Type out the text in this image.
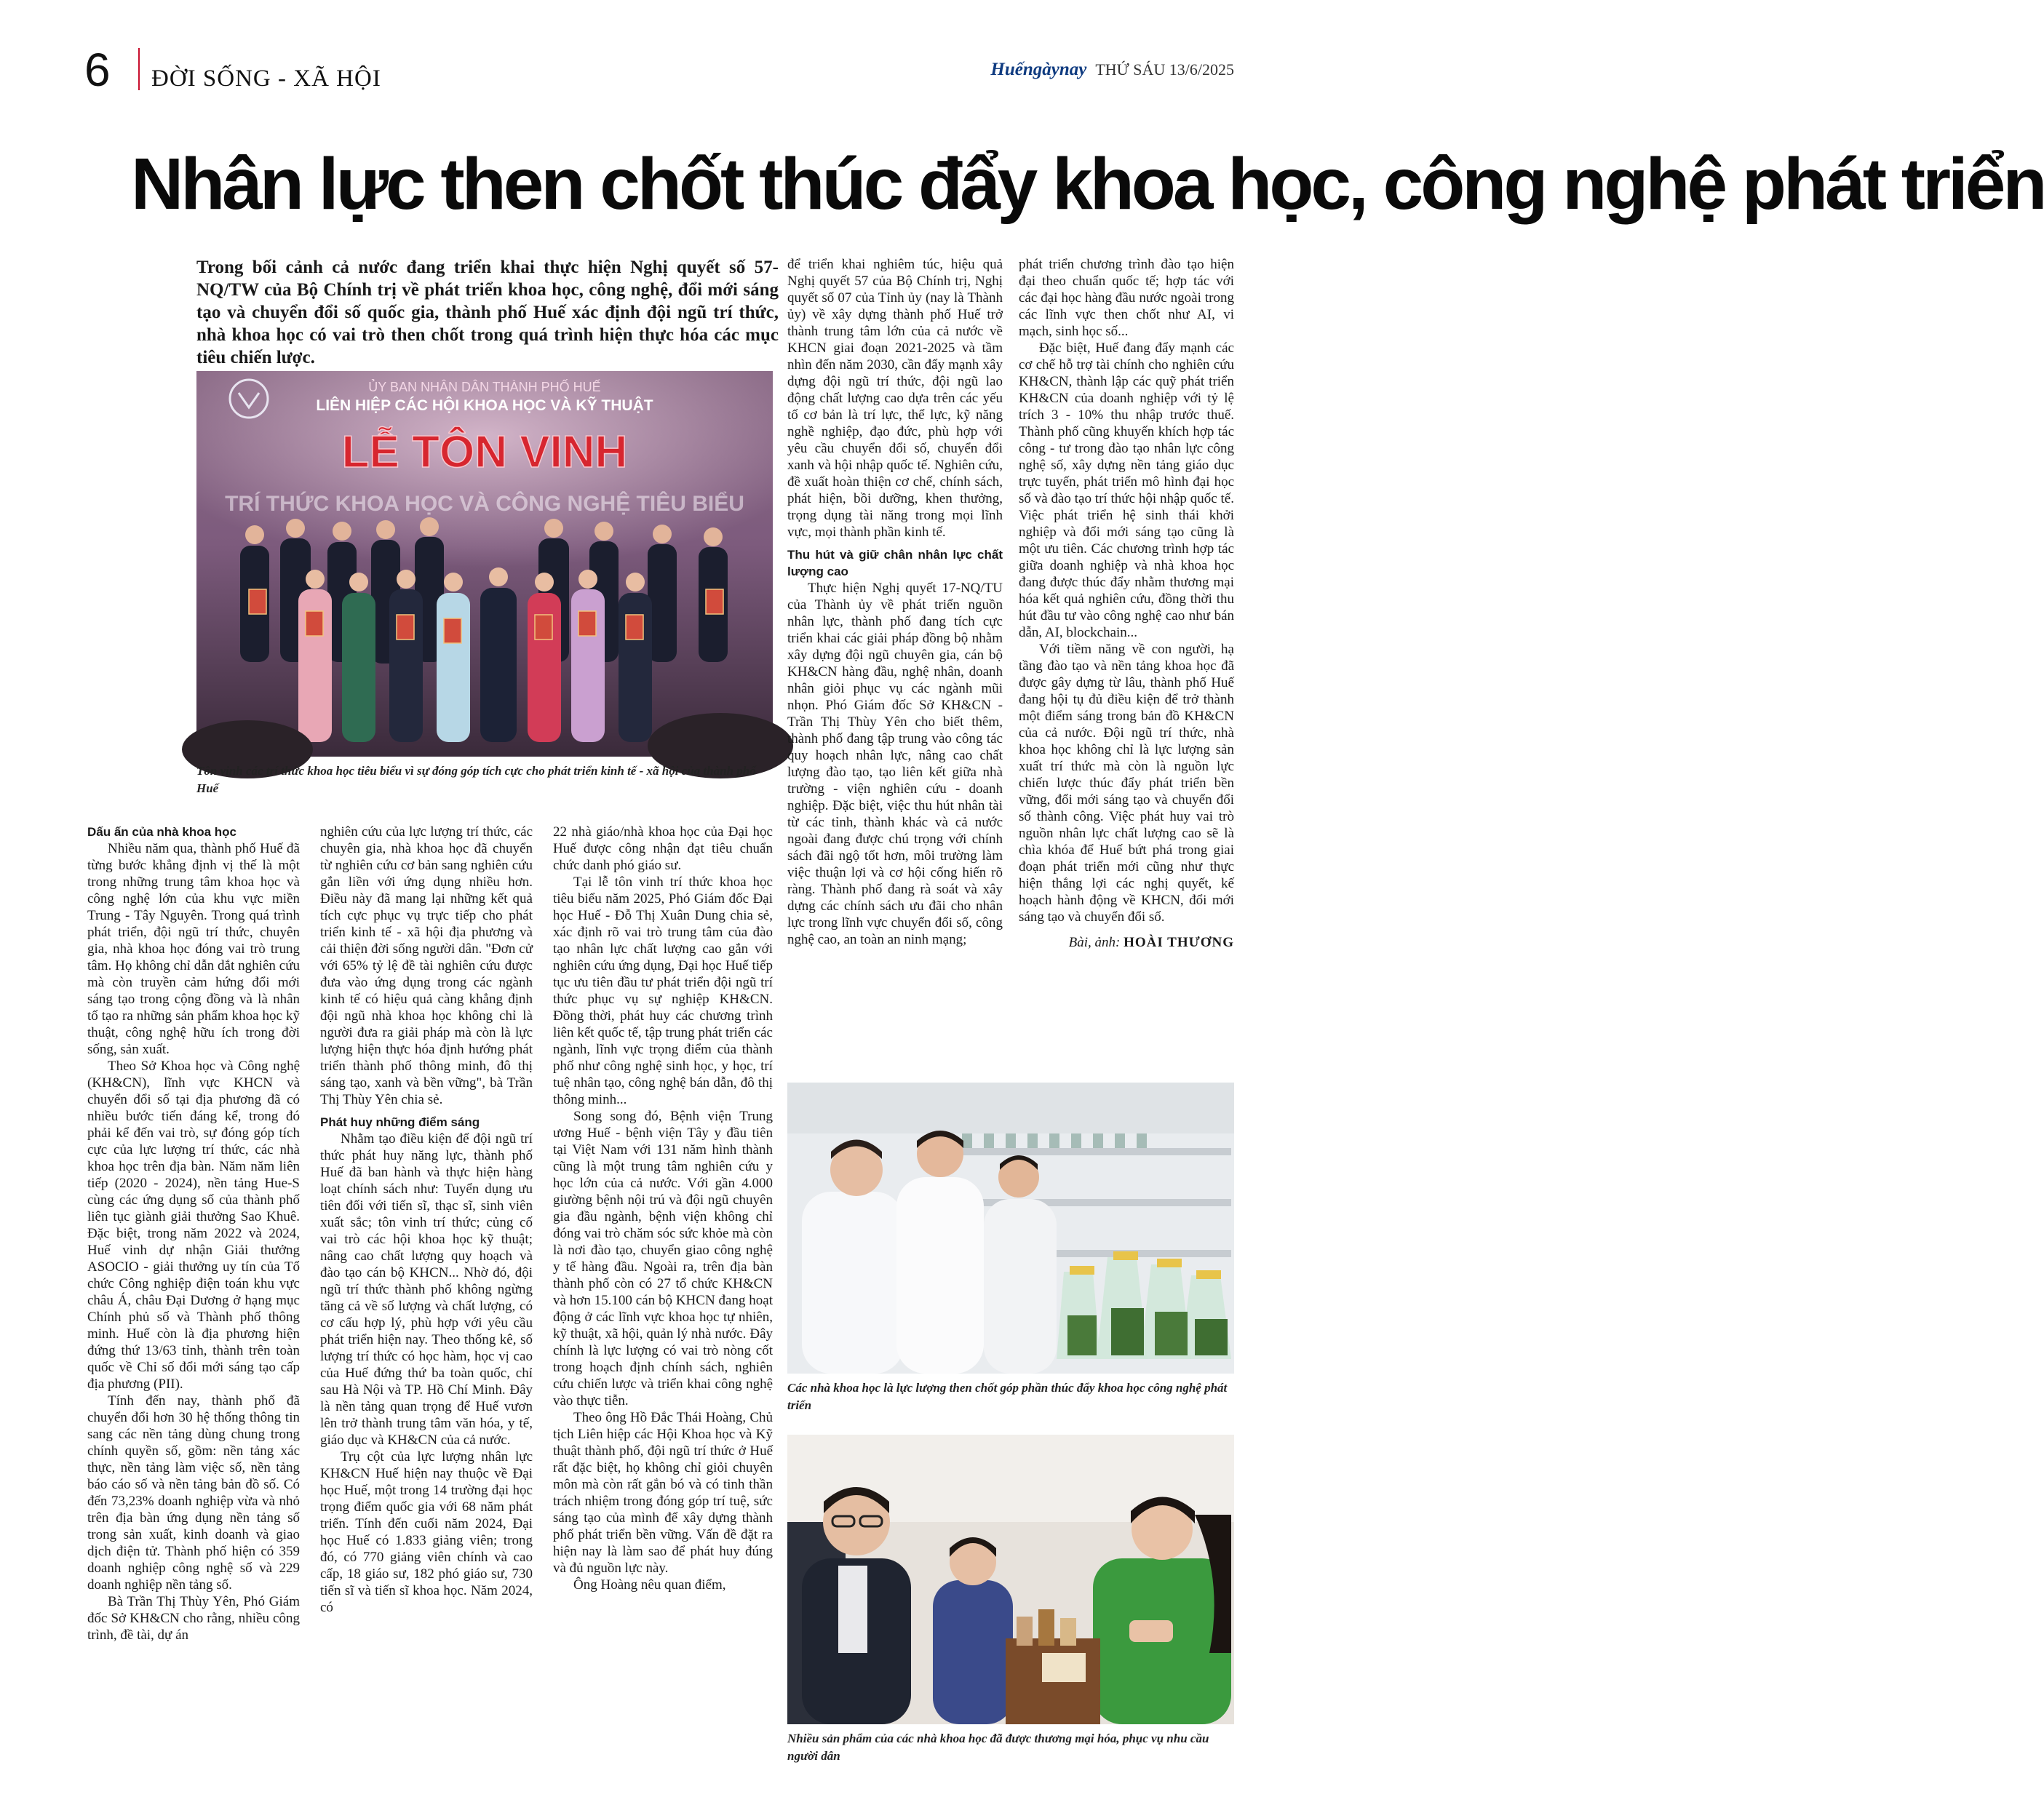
6 ĐỜI SỐNG - XÃ HỘI	Huếngàynay THỨ SÁU 13/6/2025
Nhân lực then chốt thúc đẩy khoa học, công nghệ phát triển
Trong bối cảnh cả nước đang triển khai thực hiện Nghị quyết số 57-NQ/TW của Bộ Chính trị về phát triển khoa học, công nghệ, đổi mới sáng tạo và chuyển đổi số quốc gia, thành phố Huế xác định đội ngũ trí thức, nhà khoa học có vai trò then chốt trong quá trình hiện thực hóa các mục tiêu chiến lược.
ỦY BAN NHÂN DÂN THÀNH PHỐ HUẾ
LIÊN HIỆP CÁC HỘI KHOA HỌC VÀ KỸ THUẬT
LỄ TÔN VINH
TRÍ THỨC KHOA HỌC VÀ CÔNG NGHỆ TIÊU BIỂU
Tôn vinh các trí thức khoa học tiêu biểu vì sự đóng góp tích cực cho phát triển kinh tế - xã hội của thành phố Huế
Dấu ấn của nhà khoa học

Nhiều năm qua, thành phố Huế đã từng bước khẳng định vị thế là một trong những trung tâm khoa học và công nghệ lớn của khu vực miền Trung - Tây Nguyên. Trong quá trình phát triển, đội ngũ trí thức, chuyên gia, nhà khoa học đóng vai trò trung tâm. Họ không chỉ dẫn dắt nghiên cứu mà còn truyền cảm hứng đổi mới sáng tạo trong cộng đồng và là nhân tố tạo ra những sản phẩm khoa học kỹ thuật, công nghệ hữu ích trong đời sống, sản xuất.

Theo Sở Khoa học và Công nghệ (KH&CN), lĩnh vực KHCN và chuyển đổi số tại địa phương đã có nhiều bước tiến đáng kể, trong đó phải kể đến vai trò, sự đóng góp tích cực của lực lượng trí thức, các nhà khoa học trên địa bàn. Năm năm liên tiếp (2020 - 2024), nền tảng Hue-S cùng các ứng dụng số của thành phố liên tục giành giải thưởng Sao Khuê. Đặc biệt, trong năm 2022 và 2024, Huế vinh dự nhận Giải thưởng ASOCIO - giải thưởng uy tín của Tổ chức Công nghiệp điện toán khu vực châu Á, châu Đại Dương ở hạng mục Chính phủ số và Thành phố thông minh. Huế còn là địa phương hiện đứng thứ 13/63 tỉnh, thành trên toàn quốc về Chỉ số đổi mới sáng tạo cấp địa phương (PII).

Tính đến nay, thành phố đã chuyển đổi hơn 30 hệ thống thông tin sang các nền tảng dùng chung trong chính quyền số, gồm: nền tảng xác thực, nền tảng làm việc số, nền tảng báo cáo số và nền tảng bản đồ số. Có đến 73,23% doanh nghiệp vừa và nhỏ trên địa bàn ứng dụng nền tảng số trong sản xuất, kinh doanh và giao dịch điện tử. Thành phố hiện có 359 doanh nghiệp công nghệ số và 229 doanh nghiệp nền tảng số.

Bà Trần Thị Thùy Yên, Phó Giám đốc Sở KH&CN cho rằng, nhiều công trình, đề tài, dự án

nghiên cứu của lực lượng trí thức, các chuyên gia, nhà khoa học đã chuyển từ nghiên cứu cơ bản sang nghiên cứu gắn liền với ứng dụng nhiều hơn. Điều này đã mang lại những kết quả tích cực phục vụ trực tiếp cho phát triển kinh tế - xã hội địa phương và cải thiện đời sống người dân. "Đơn cử với 65% tỷ lệ đề tài nghiên cứu được đưa vào ứng dụng trong các ngành kinh tế có hiệu quả càng khẳng định đội ngũ nhà khoa học không chỉ là người đưa ra giải pháp mà còn là lực lượng hiện thực hóa định hướng phát triển thành phố thông minh, đô thị sáng tạo, xanh và bền vững", bà Trần Thị Thùy Yên chia sẻ.

Phát huy những điểm sáng

Nhằm tạo điều kiện để đội ngũ trí thức phát huy năng lực, thành phố Huế đã ban hành và thực hiện hàng loạt chính sách như: Tuyển dụng ưu tiên đối với tiến sĩ, thạc sĩ, sinh viên xuất sắc; tôn vinh trí thức; củng cố vai trò các hội khoa học kỹ thuật; nâng cao chất lượng quy hoạch và đào tạo cán bộ KHCN... Nhờ đó, đội ngũ trí thức thành phố không ngừng tăng cả về số lượng và chất lượng, có cơ cấu hợp lý, phù hợp với yêu cầu phát triển hiện nay. Theo thống kê, số lượng trí thức có học hàm, học vị cao của Huế đứng thứ ba toàn quốc, chỉ sau Hà Nội và TP. Hồ Chí Minh. Đây là nền tảng quan trọng để Huế vươn lên trở thành trung tâm văn hóa, y tế, giáo dục và KH&CN của cả nước.

Trụ cột của lực lượng nhân lực KH&CN Huế hiện nay thuộc về Đại học Huế, một trong 14 trường đại học trọng điểm quốc gia với 68 năm phát triển. Tính đến cuối năm 2024, Đại học Huế có 1.833 giảng viên; trong đó, có 770 giảng viên chính và cao cấp, 18 giáo sư, 182 phó giáo sư, 730 tiến sĩ và tiến sĩ khoa học. Năm 2024, có

22 nhà giáo/nhà khoa học của Đại học Huế được công nhận đạt tiêu chuẩn chức danh phó giáo sư.

Tại lễ tôn vinh trí thức khoa học tiêu biểu năm 2025, Phó Giám đốc Đại học Huế - Đỗ Thị Xuân Dung chia sẻ, xác định rõ vai trò trung tâm của đào tạo nhân lực chất lượng cao gắn với nghiên cứu ứng dụng, Đại học Huế tiếp tục ưu tiên đầu tư phát triển đội ngũ trí thức phục vụ sự nghiệp KH&CN. Đồng thời, phát huy các chương trình liên kết quốc tế, tập trung phát triển các ngành, lĩnh vực trọng điểm của thành phố như công nghệ sinh học, y học, trí tuệ nhân tạo, công nghệ bán dẫn, đô thị thông minh...

Song song đó, Bệnh viện Trung ương Huế - bệnh viện Tây y đầu tiên tại Việt Nam với 131 năm hình thành cũng là một trung tâm nghiên cứu y học lớn của cả nước. Với gần 4.000 giường bệnh nội trú và đội ngũ chuyên gia đầu ngành, bệnh viện không chỉ đóng vai trò chăm sóc sức khỏe mà còn là nơi đào tạo, chuyển giao công nghệ y tế hàng đầu. Ngoài ra, trên địa bàn thành phố còn có 27 tổ chức KH&CN và hơn 15.100 cán bộ KHCN đang hoạt động ở các lĩnh vực khoa học tự nhiên, kỹ thuật, xã hội, quản lý nhà nước. Đây chính là lực lượng có vai trò nòng cốt trong hoạch định chính sách, nghiên cứu chiến lược và triển khai công nghệ vào thực tiễn.

Theo ông Hồ Đắc Thái Hoàng, Chủ tịch Liên hiệp các Hội Khoa học và Kỹ thuật thành phố, đội ngũ trí thức ở Huế rất đặc biệt, họ không chỉ giỏi chuyên môn mà còn rất gắn bó và có tinh thần trách nhiệm trong đóng góp trí tuệ, sức sáng tạo của mình để xây dựng thành phố phát triển bền vững. Vấn đề đặt ra hiện nay là làm sao để phát huy đúng và đủ nguồn lực này.

Ông Hoàng nêu quan điểm,

để triển khai nghiêm túc, hiệu quả Nghị quyết 57 của Bộ Chính trị, Nghị quyết số 07 của Tỉnh ủy (nay là Thành ủy) về xây dựng thành phố Huế trở thành trung tâm lớn của cả nước về KHCN giai đoạn 2021-2025 và tầm nhìn đến năm 2030, cần đẩy mạnh xây dựng đội ngũ trí thức, đội ngũ lao động chất lượng cao dựa trên các yếu tố cơ bản là trí lực, thể lực, kỹ năng nghề nghiệp, đạo đức, phù hợp với yêu cầu chuyển đổi số, chuyển đổi xanh và hội nhập quốc tế. Nghiên cứu, đề xuất hoàn thiện cơ chế, chính sách, phát hiện, bồi dưỡng, khen thưởng, trọng dụng tài năng trong mọi lĩnh vực, mọi thành phần kinh tế.

Thu hút và giữ chân nhân lực chất lượng cao

Thực hiện Nghị quyết 17-NQ/TU của Thành ủy về phát triển nguồn nhân lực, thành phố đang tích cực triển khai các giải pháp đồng bộ nhằm xây dựng đội ngũ chuyên gia, cán bộ KH&CN hàng đầu, nghệ nhân, doanh nhân giỏi phục vụ các ngành mũi nhọn. Phó Giám đốc Sở KH&CN - Trần Thị Thùy Yên cho biết thêm, thành phố đang tập trung vào công tác quy hoạch nhân lực, nâng cao chất lượng đào tạo, tạo liên kết giữa nhà trường - viện nghiên cứu - doanh nghiệp. Đặc biệt, việc thu hút nhân tài từ các tỉnh, thành khác và cả nước ngoài đang được chú trọng với chính sách đãi ngộ tốt hơn, môi trường làm việc thuận lợi và cơ hội cống hiến rõ ràng. Thành phố đang rà soát và xây dựng các chính sách ưu đãi cho nhân lực trong lĩnh vực chuyển đổi số, công nghệ cao, an toàn an ninh mạng;

phát triển chương trình đào tạo hiện đại theo chuẩn quốc tế; hợp tác với các đại học hàng đầu nước ngoài trong các lĩnh vực then chốt như AI, vi mạch, sinh học số...

Đặc biệt, Huế đang đẩy mạnh các cơ chế hỗ trợ tài chính cho nghiên cứu KH&CN, thành lập các quỹ phát triển KH&CN của doanh nghiệp với tỷ lệ trích 3 - 10% thu nhập trước thuế. Thành phố cũng khuyến khích hợp tác công - tư trong đào tạo nhân lực công nghệ số, xây dựng nền tảng giáo dục trực tuyến, phát triển mô hình đại học số và đào tạo trí thức hội nhập quốc tế. Việc phát triển hệ sinh thái khởi nghiệp và đổi mới sáng tạo cũng là một ưu tiên. Các chương trình hợp tác giữa doanh nghiệp và nhà khoa học đang được thúc đẩy nhằm thương mại hóa kết quả nghiên cứu, đồng thời thu hút đầu tư vào công nghệ cao như bán dẫn, AI, blockchain...

Với tiềm năng về con người, hạ tầng đào tạo và nền tảng khoa học đã được gây dựng từ lâu, thành phố Huế đang hội tụ đủ điều kiện để trở thành một điểm sáng trong bản đồ KH&CN của cả nước. Đội ngũ trí thức, nhà khoa học không chỉ là lực lượng sản xuất trí thức mà còn là nguồn lực chiến lược thúc đẩy phát triển bền vững, đổi mới sáng tạo và chuyển đổi số thành công. Việc phát huy vai trò nguồn nhân lực chất lượng cao sẽ là chìa khóa để Huế bứt phá trong giai đoạn phát triển mới cũng như thực hiện thắng lợi các nghị quyết, kế hoạch hành động về KHCN, đổi mới sáng tạo và chuyển đổi số.

Bài, ảnh: HOÀI THƯƠNG
Các nhà khoa học là lực lượng then chốt góp phần thúc đẩy khoa học công nghệ phát triển
Nhiều sản phẩm của các nhà khoa học đã được thương mại hóa, phục vụ nhu cầu người dân
